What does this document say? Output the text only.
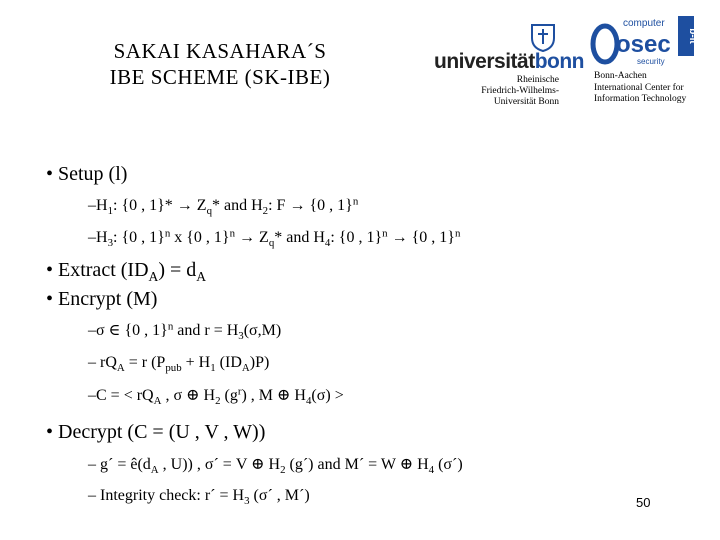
SAKAI KASAHARA´S
IBE SCHEME (SK-IBE)
universitätbonn
Rheinische
Friedrich-Wilhelms-
Universität Bonn
computer
osec
security
b-it
Bonn-Aachen
International Center for
Information Technology
• Setup (l)
$-H_1$: {0 , $1\}* \to Z_q*$ and $H_2$: F → {0 , 1}$^n$
$-H_3$: {0 , 1}$^n$ x {0 , $1\}^n \to Z_q*$ and $H_4$: {0 , 1}$^n$ → {0 , 1}$^n$
• Extract $(ID_A) = d_A$
• Encrypt (M)
–σ ∈ {0 , 1}$^n$ and $r = H_3(\sigma,M)$
– $rQ_A = r$ ($P_{pub} + H_1$ $(ID_A)P$)
–C = < $rQ_A$ , σ ⊕ $H_2$ $(g^r)$ , M ⊕ $H_4(\sigma)$ >
• Decrypt (C = (U , V , W))
– g´ = $ê(d_A$ , U)) , σ´ = V ⊕ $H_2$ (g´) and M´ = W ⊕ $H_4$ (σ´)
– Integrity check: r´ = $H_3$ (σ´ , M´)	50
